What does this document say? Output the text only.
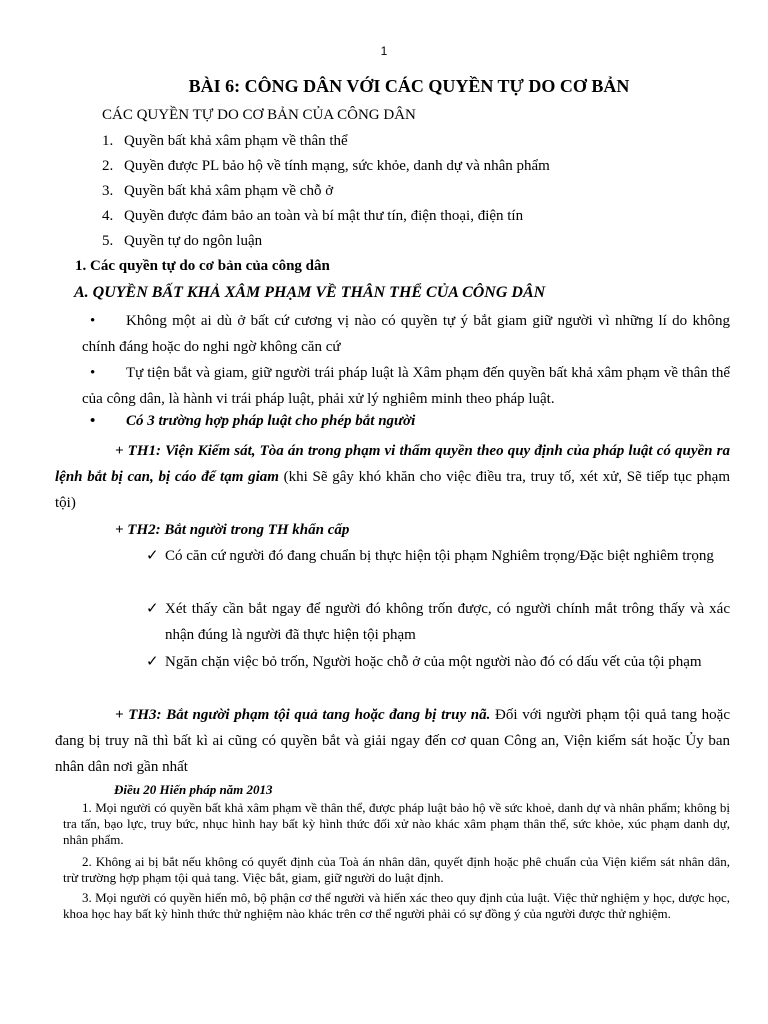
1
BÀI 6: CÔNG DÂN VỚI CÁC QUYỀN TỰ DO CƠ BẢN
CÁC QUYỀN TỰ DO CƠ BẢN CỦA CÔNG DÂN
1. Quyền bất khả xâm phạm về thân thể
2. Quyền được PL bảo hộ về tính mạng, sức khỏe, danh dự và nhân phẩm
3. Quyền bất khả xâm phạm về chỗ ở
4. Quyền được đảm bảo an toàn và bí mật thư tín, điện thoại, điện tín
5. Quyền tự do ngôn luận
1. Các quyền tự do cơ bản của công dân
A. QUYỀN BẤT KHẢ XÂM PHẠM VỀ THÂN THỂ CỦA CÔNG DÂN
• Không một ai dù ở bất cứ cương vị nào có quyền tự ý bắt giam giữ người vì những lí do không chính đáng hoặc do nghi ngờ không căn cứ
• Tự tiện bắt và giam, giữ người trái pháp luật là Xâm phạm đến quyền bất khả xâm phạm về thân thể của công dân, là hành vi trái pháp luật, phải xử lý nghiêm minh theo pháp luật.
• Có 3 trường hợp pháp luật cho phép bắt người
+ TH1: Viện Kiểm sát, Tòa án trong phạm vi thẩm quyền theo quy định của pháp luật có quyền ra lệnh bắt bị can, bị cáo để tạm giam (khi Sẽ gây khó khăn cho việc điều tra, truy tố, xét xử, Sẽ tiếp tục phạm tội)
+ TH2: Bắt người trong TH khẩn cấp
✓ Có căn cứ người đó đang chuẩn bị thực hiện tội phạm Nghiêm trọng/Đặc biệt nghiêm trọng
✓ Xét thấy cần bắt ngay để người đó không trốn được, có người chính mắt trông thấy và xác nhận đúng là người đã thực hiện tội phạm
✓ Ngăn chặn việc bỏ trốn, Người hoặc chỗ ở của một người nào đó có dấu vết của tội phạm
+ TH3: Bắt người phạm tội quả tang hoặc đang bị truy nã. Đối với người phạm tội quả tang hoặc đang bị truy nã thì bất kì ai cũng có quyền bắt và giải ngay đến cơ quan Công an, Viện kiểm sát hoặc Ủy ban nhân dân nơi gần nhất
Điều 20 Hiến pháp năm 2013
1. Mọi người có quyền bất khả xâm phạm về thân thể, được pháp luật bảo hộ về sức khoẻ, danh dự và nhân phẩm; không bị tra tấn, bạo lực, truy bức, nhục hình hay bất kỳ hình thức đối xử nào khác xâm phạm thân thể, sức khỏe, xúc phạm danh dự, nhân phẩm.
2. Không ai bị bắt nếu không có quyết định của Toà án nhân dân, quyết định hoặc phê chuẩn của Viện kiểm sát nhân dân, trừ trường hợp phạm tội quả tang. Việc bắt, giam, giữ người do luật định.
3. Mọi người có quyền hiến mô, bộ phận cơ thể người và hiến xác theo quy định của luật. Việc thử nghiệm y học, dược học, khoa học hay bất kỳ hình thức thử nghiệm nào khác trên cơ thể người phải có sự đồng ý của người được thử nghiệm.
